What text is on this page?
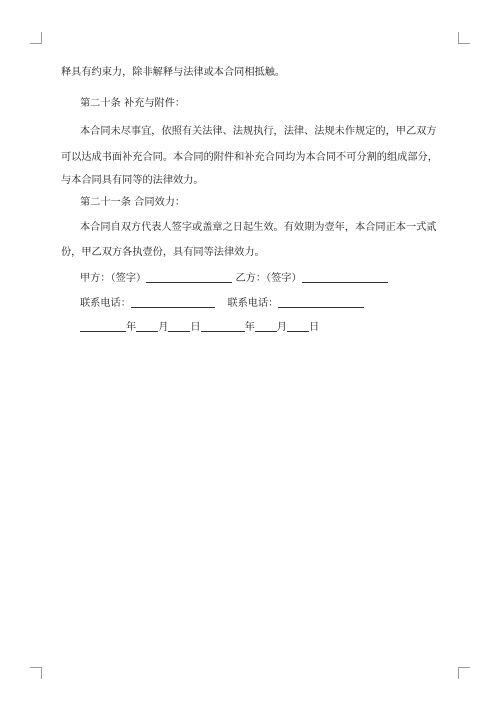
释具有约束力，除非解释与法律或本合同相抵触。
第二十条 补充与附件：
本合同未尽事宜，依照有关法律、法规执行，法律、法规未作规定的，甲乙双方
可以达成书面补充合同。本合同的附件和补充合同均为本合同不可分割的组成部分，
与本合同具有同等的法律效力。
第二十一条 合同效力：
本合同自双方代表人签字或盖章之日起生效。有效期为壹年，本合同正本一式贰
份，甲乙双方各执壹份，具有同等法律效力。
甲方：（签字）	乙方：（签字）
联系电话：	联系电话：
年 月 日	年 月 日
